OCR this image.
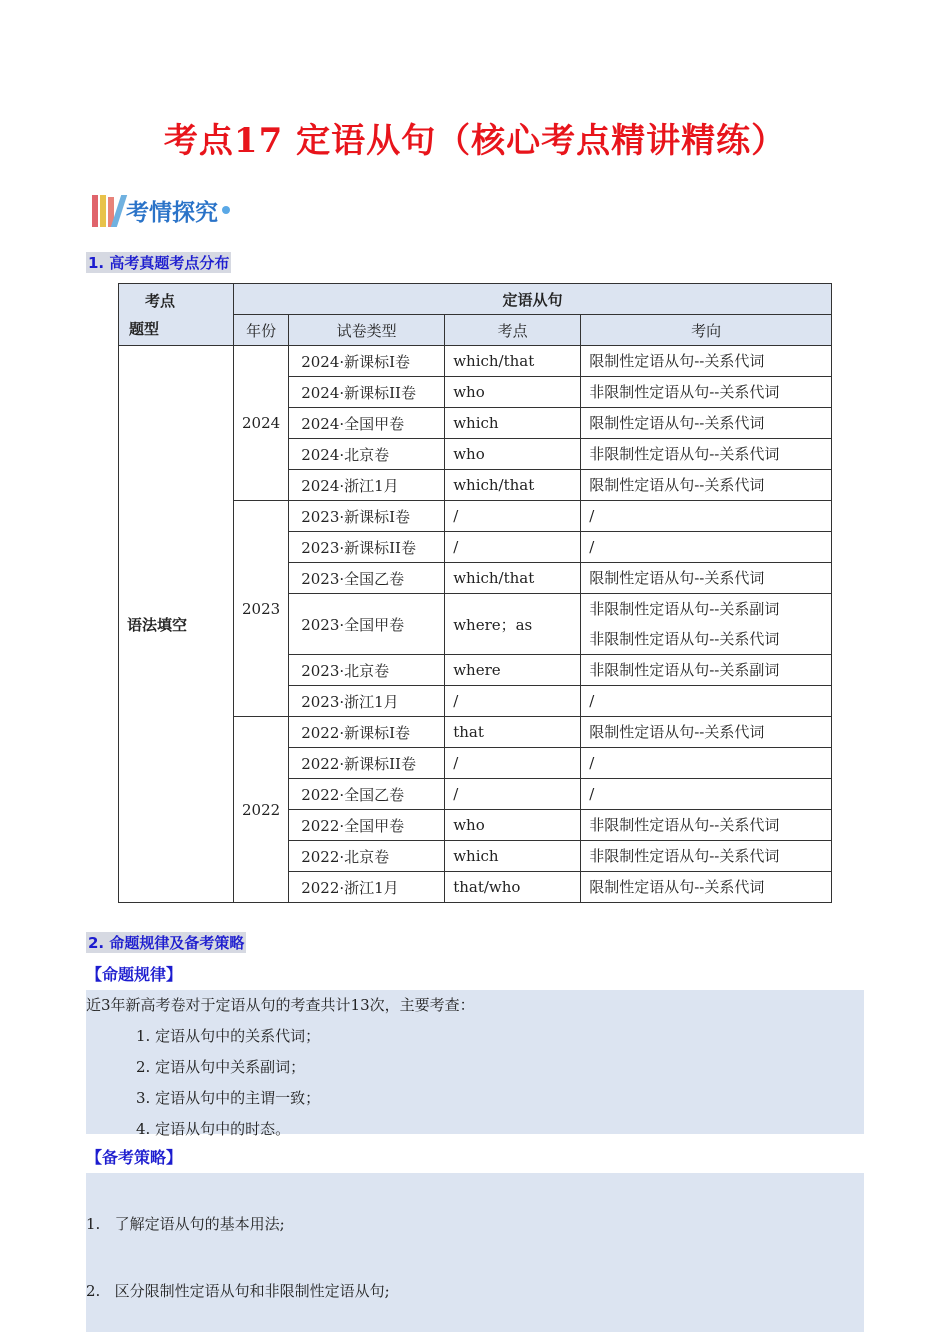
考点17 定语从句（核心考点精讲精练）
考情探究
1. 高考真题考点分布
考点
题型	定语从句			
	年份	试卷类型	考点	考向
语法填空	2024	2024·新课标I卷	which/that	限制性定语从句--关系代词

		2024·新课标II卷	who	非限制性定语从句--关系代词

		2024·全国甲卷	which	限制性定语从句--关系代词

		2024·北京卷	who	非限制性定语从句--关系代词

		2024·浙江1月	which/that	限制性定语从句--关系代词

	2023	2023·新课标I卷	/	/

		2023·新课标II卷	/	/

		2023·全国乙卷	which/that	限制性定语从句--关系代词

		2023·全国甲卷	where；as	非限制性定语从句--关系副词
非限制性定语从句--关系代词

		2023·北京卷	where	非限制性定语从句--关系副词

		2023·浙江1月	/	/

	2022	2022·新课标I卷	that	限制性定语从句--关系代词

		2022·新课标II卷	/	/

		2022·全国乙卷	/	/

		2022·全国甲卷	who	非限制性定语从句--关系代词

		2022·北京卷	which	非限制性定语从句--关系代词

		2022·浙江1月	that/who	限制性定语从句--关系代词
2. 命题规律及备考策略
【命题规律】
近3年新高考卷对于定语从句的考查共计13次，主要考查：
1. 定语从句中的关系代词；
2. 定语从句中关系副词；
3. 定语从句中的主谓一致；
4. 定语从句中的时态。
【备考策略】

1.   了解定语从句的基本用法;

2.   区分限制性定语从句和非限制性定语从句;
